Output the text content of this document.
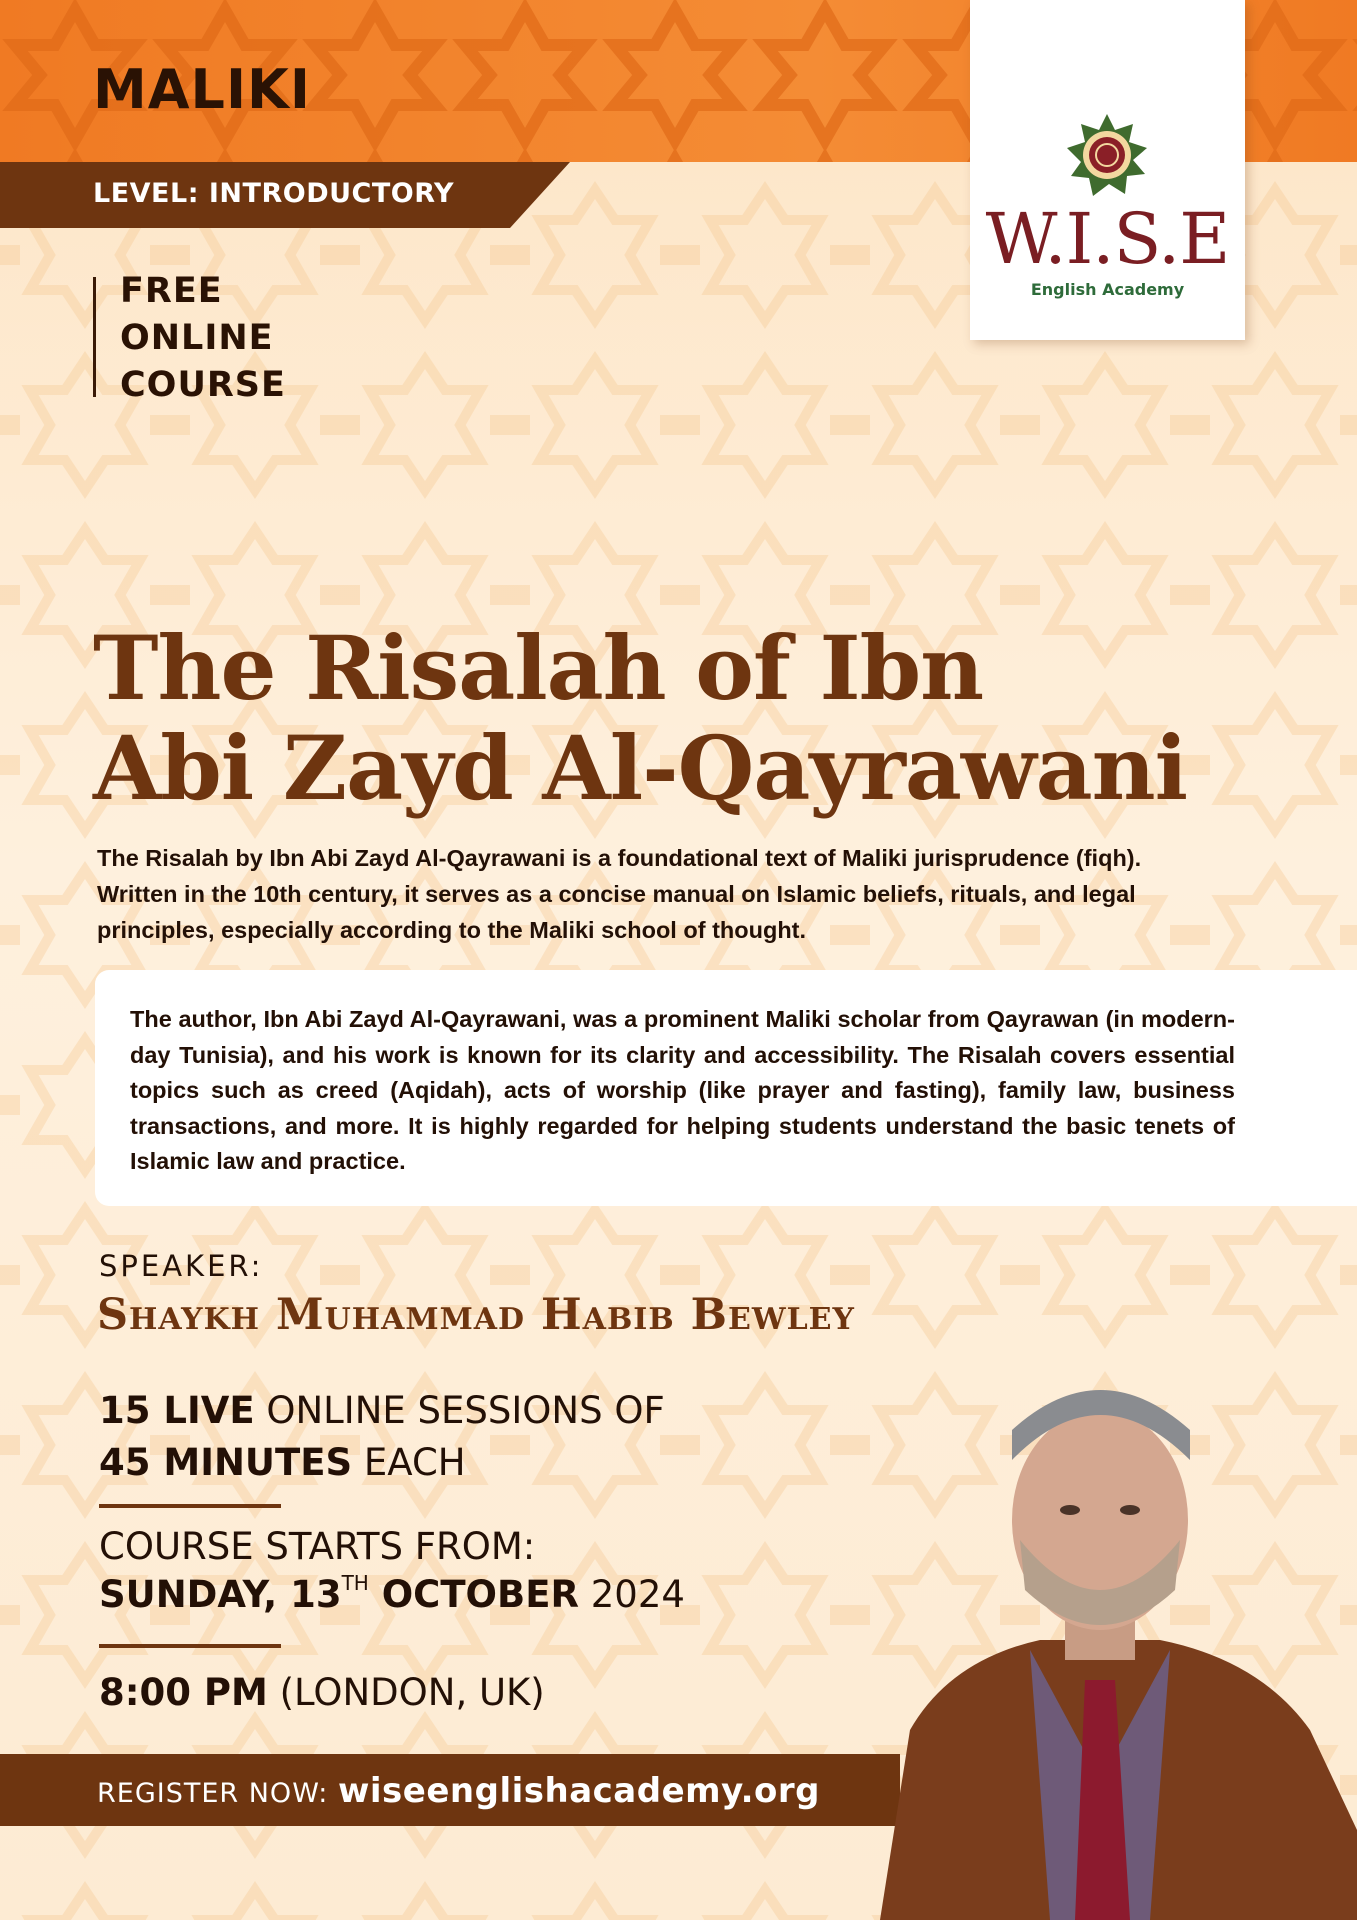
MALIKI
LEVEL: INTRODUCTORY
FREE
ONLINE
COURSE
W.I.S.E
English Academy
The Risalah of Ibn
Abi Zayd Al-Qayrawani
The Risalah by Ibn Abi Zayd Al-Qayrawani is a foundational text of Maliki jurisprudence (fiqh). Written in the 10th century, it serves as a concise manual on Islamic beliefs, rituals, and legal principles, especially according to the Maliki school of thought.
The author, Ibn Abi Zayd Al-Qayrawani, was a prominent Maliki scholar from Qayrawan (in modern-day Tunisia), and his work is known for its clarity and accessibility. The Risalah covers essential topics such as creed (Aqidah), acts of worship (like prayer and fasting), family law, business transactions, and more. It is highly regarded for helping students understand the basic tenets of Islamic law and practice.
SPEAKER:
Shaykh Muhammad Habib Bewley
15 LIVE ONLINE SESSIONS OF
45 MINUTES EACH
COURSE STARTS FROM:
SUNDAY, 13TH OCTOBER 2024
8:00 PM (LONDON, UK)
REGISTER NOW: wiseenglishacademy.org
